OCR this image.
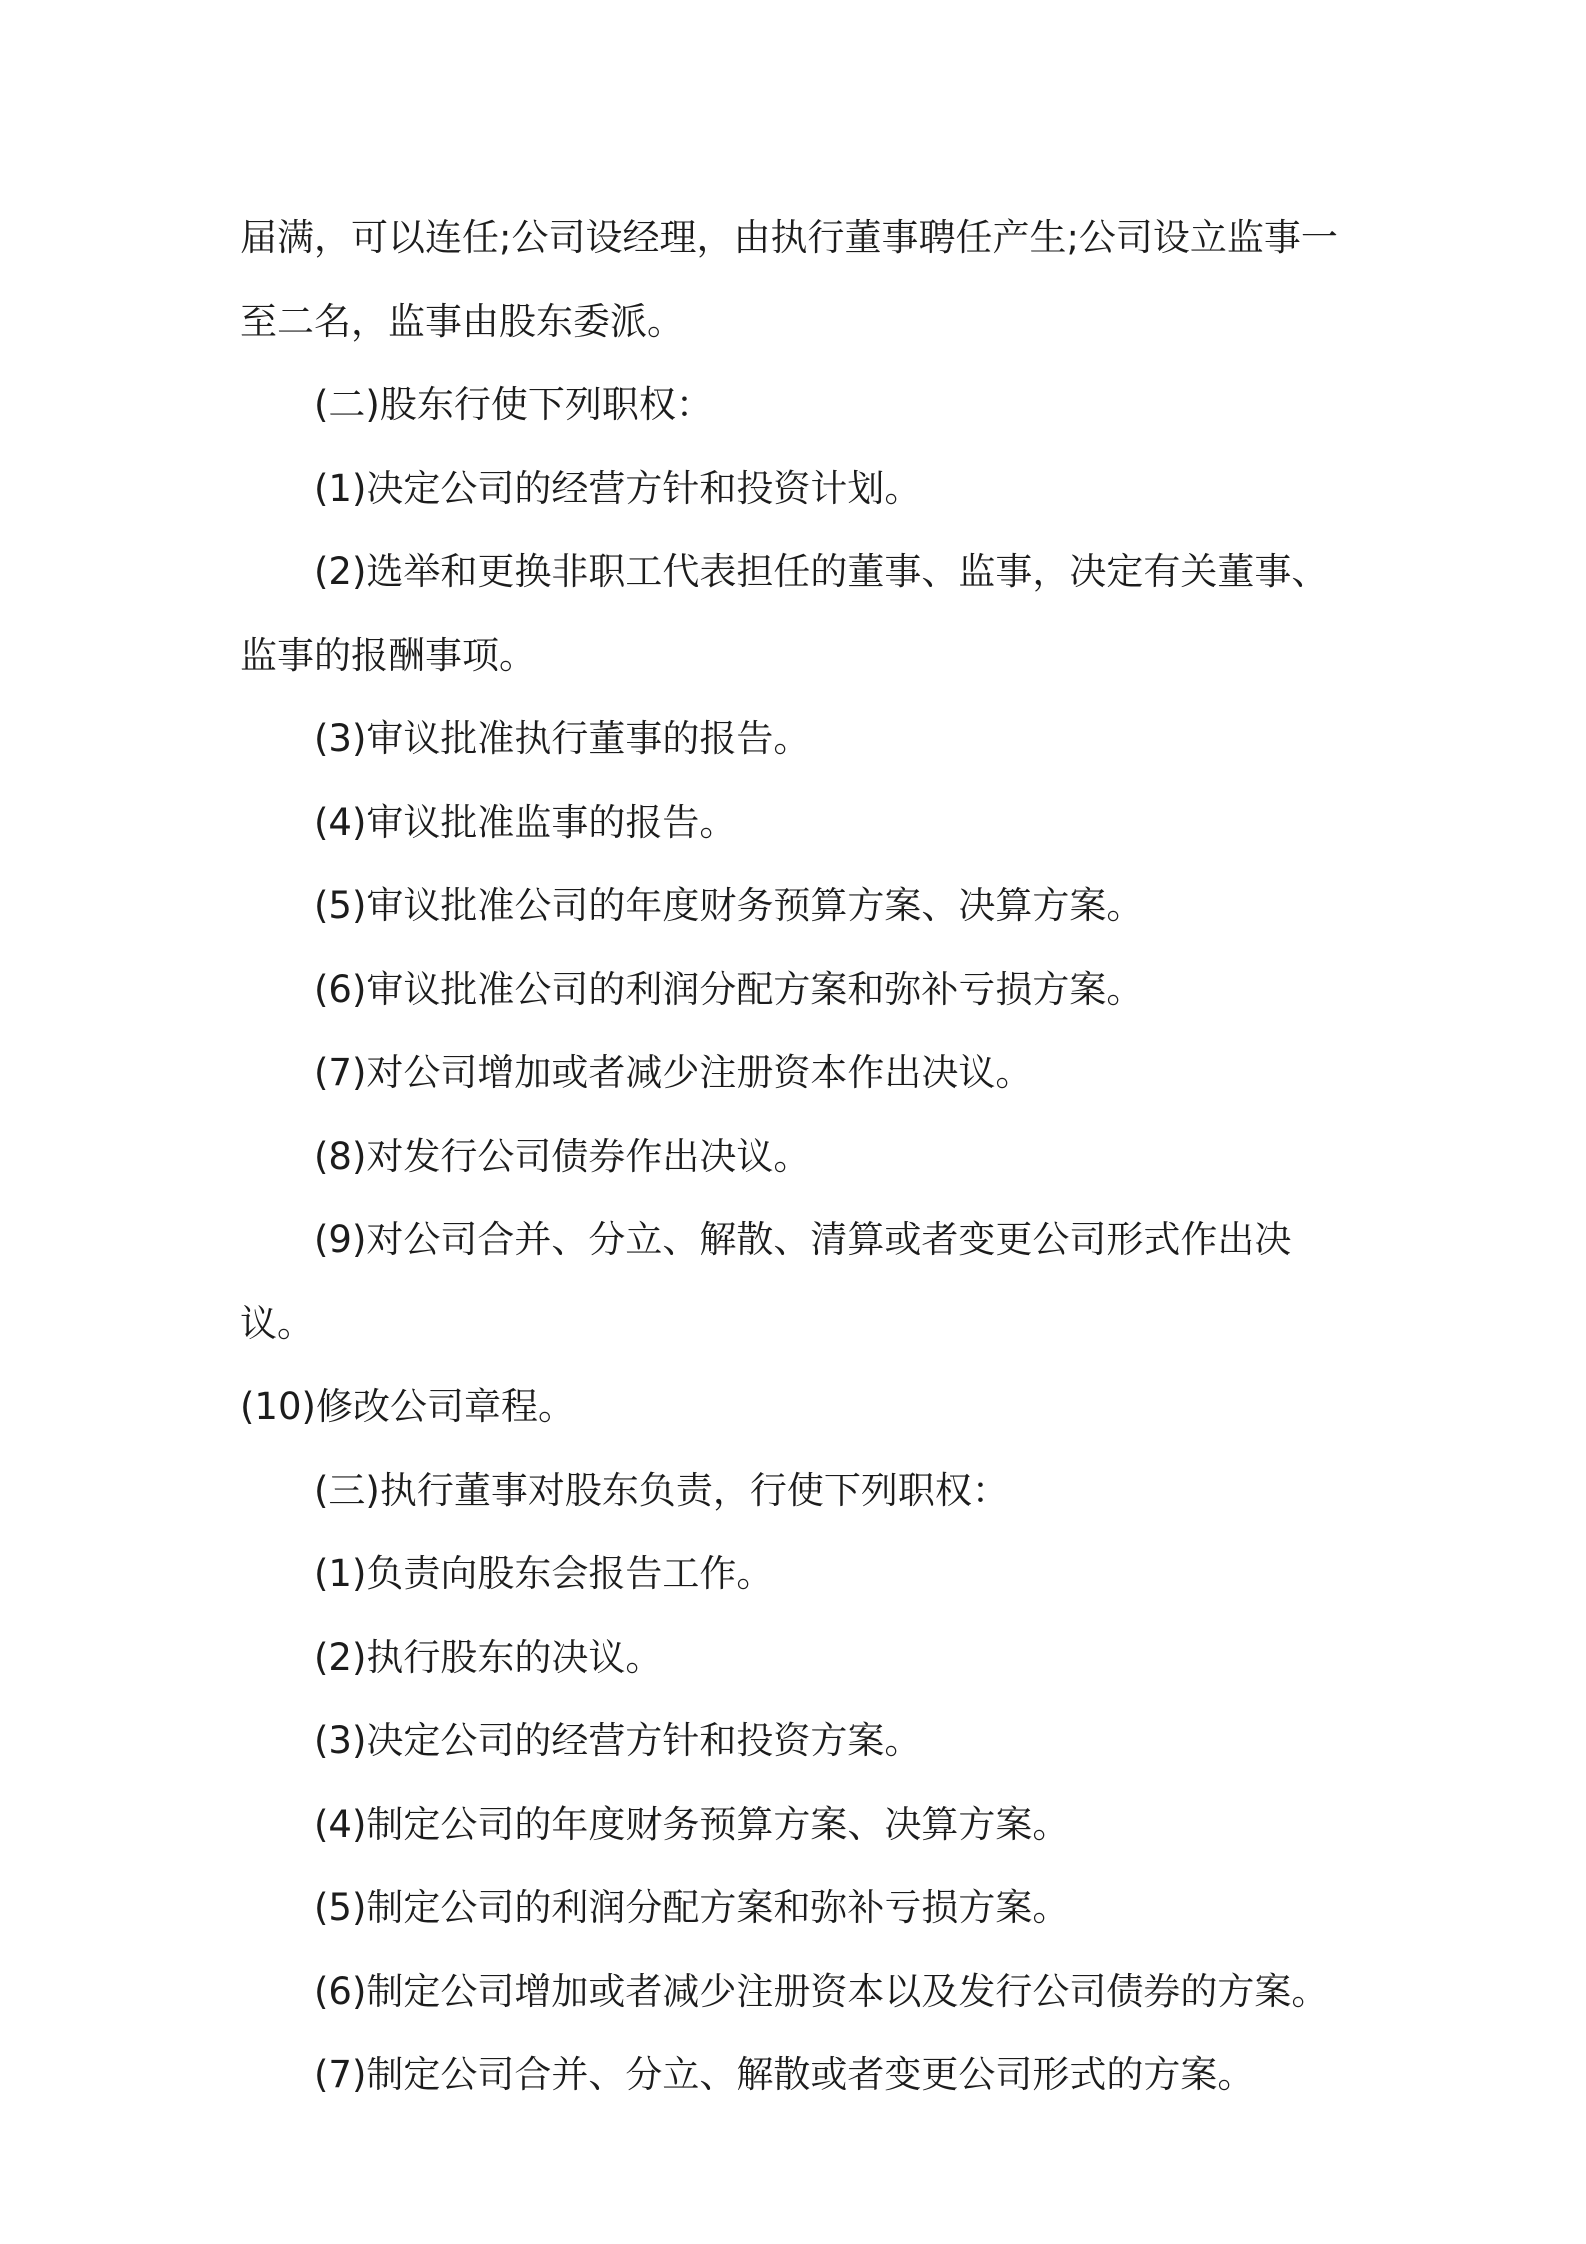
届满，可以连任;公司设经理，由执行董事聘任产生;公司设立监事一至二名，监事由股东委派。

(二)股东行使下列职权：

(1)决定公司的经营方针和投资计划。

(2)选举和更换非职工代表担任的董事、监事，决定有关董事、监事的报酬事项。

(3)审议批准执行董事的报告。

(4)审议批准监事的报告。

(5)审议批准公司的年度财务预算方案、决算方案。

(6)审议批准公司的利润分配方案和弥补亏损方案。

(7)对公司增加或者减少注册资本作出决议。

(8)对发行公司债券作出决议。

(9)对公司合并、分立、解散、清算或者变更公司形式作出决议。

(10)修改公司章程。

(三)执行董事对股东负责，行使下列职权：

(1)负责向股东会报告工作。

(2)执行股东的决议。

(3)决定公司的经营方针和投资方案。

(4)制定公司的年度财务预算方案、决算方案。

(5)制定公司的利润分配方案和弥补亏损方案。

(6)制定公司增加或者减少注册资本以及发行公司债券的方案。

(7)制定公司合并、分立、解散或者变更公司形式的方案。
